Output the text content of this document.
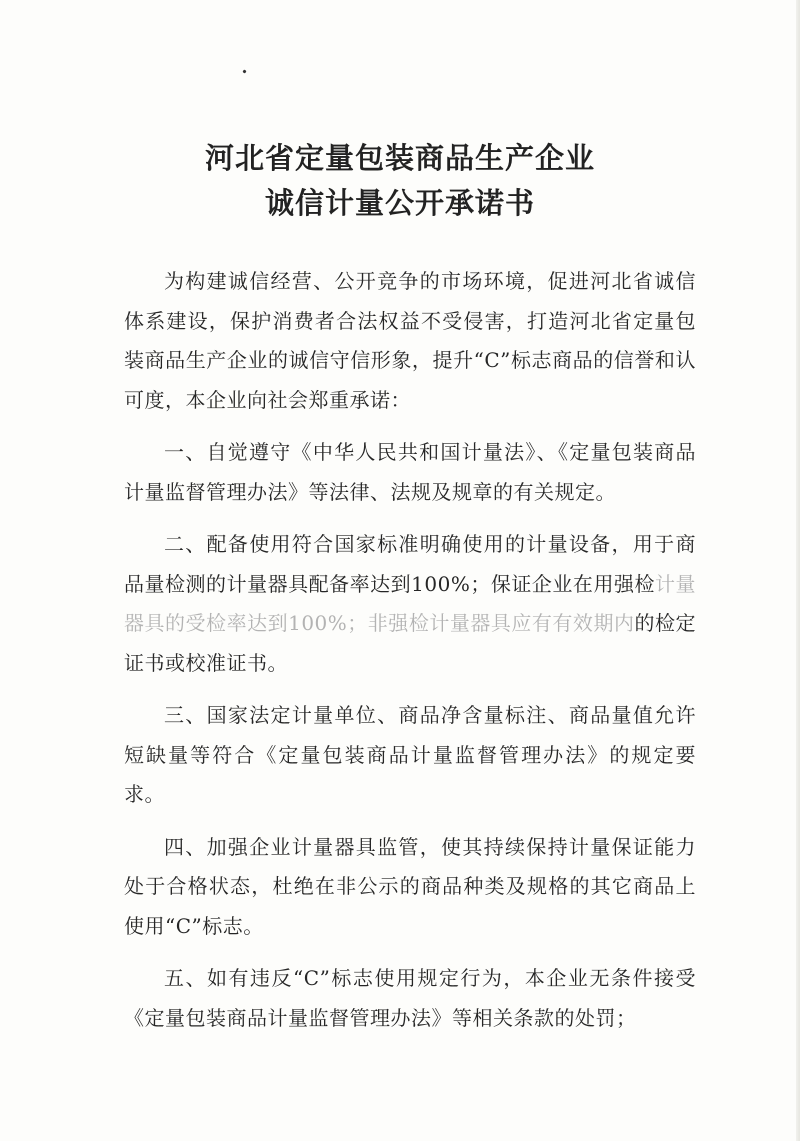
河北省定量包装商品生产企业
诚信计量公开承诺书

为构建诚信经营、公开竞争的市场环境，促进河北省诚信体系建设，保护消费者合法权益不受侵害，打造河北省定量包装商品生产企业的诚信守信形象，提升“C”标志商品的信誉和认可度，本企业向社会郑重承诺：

一、自觉遵守《中华人民共和国计量法》、《定量包装商品计量监督管理办法》等法律、法规及规章的有关规定。

二、配备使用符合国家标准明确使用的计量设备，用于商品量检测的计量器具配备率达到100%；保证企业在用强检计量器具的受检率达到100%；非强检计量器具应有有效期内的检定证书或校准证书。

三、国家法定计量单位、商品净含量标注、商品量值允许短缺量等符合《定量包装商品计量监督管理办法》的规定要求。

四、加强企业计量器具监管，使其持续保持计量保证能力处于合格状态，杜绝在非公示的商品种类及规格的其它商品上使用“C”标志。

五、如有违反“C”标志使用规定行为，本企业无条件接受《定量包装商品计量监督管理办法》等相关条款的处罚；
